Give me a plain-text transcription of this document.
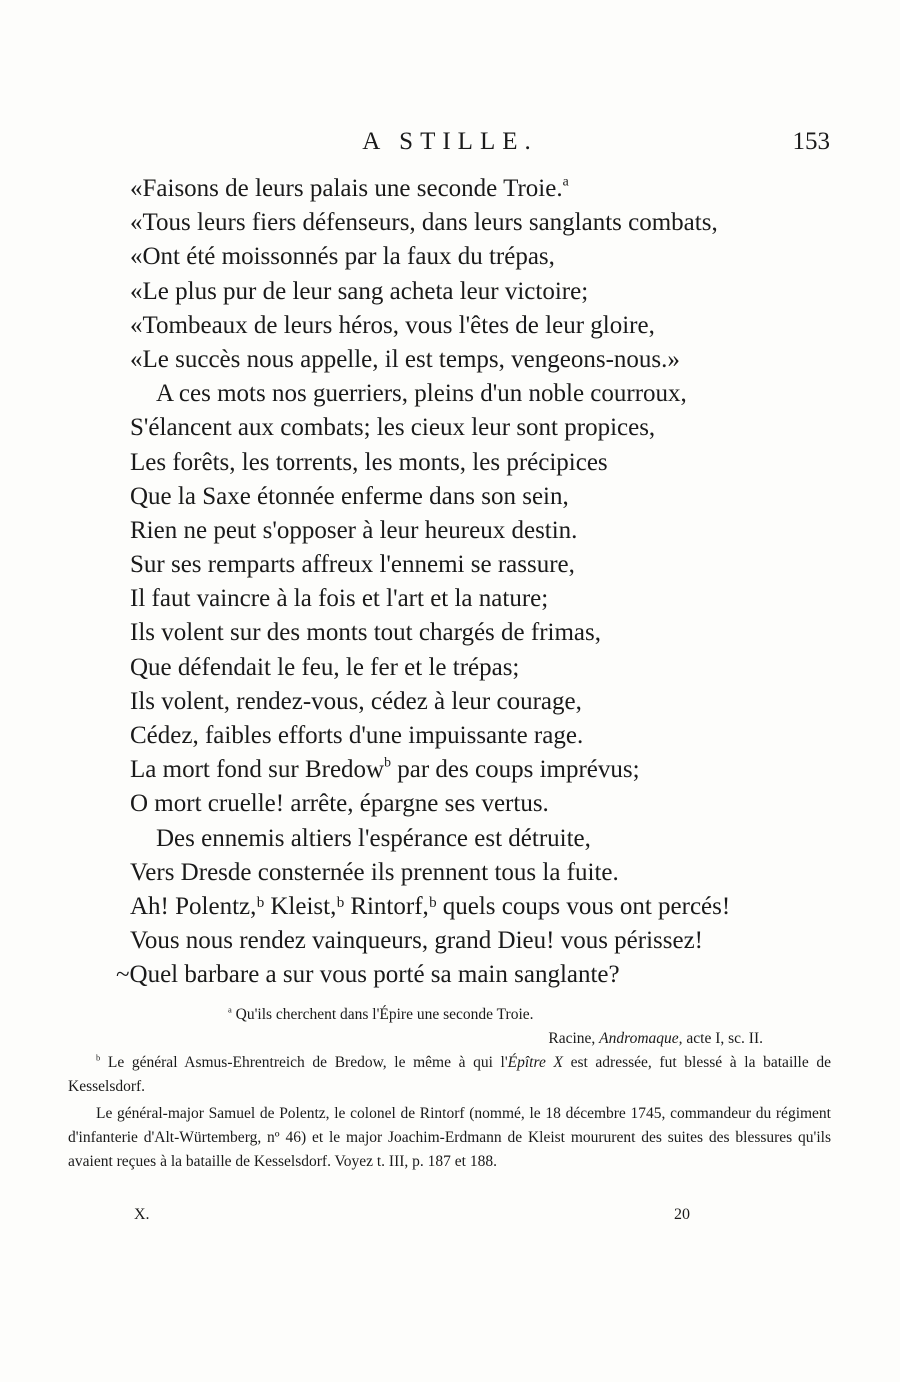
A STILLE.	153
«Faisons de leurs palais une seconde Troie.$^a$
«Tous leurs fiers défenseurs, dans leurs sanglants combats,
«Ont été moissonnés par la faux du trépas,
«Le plus pur de leur sang acheta leur victoire;
«Tombeaux de leurs héros, vous l'êtes de leur gloire,
«Le succès nous appelle, il est temps, vengeons-nous.»
A ces mots nos guerriers, pleins d'un noble courroux,
S'élancent aux combats; les cieux leur sont propices,
Les forêts, les torrents, les monts, les précipices
Que la Saxe étonnée enferme dans son sein,
Rien ne peut s'opposer à leur heureux destin.
Sur ses remparts affreux l'ennemi se rassure,
Il faut vaincre à la fois et l'art et la nature;
Ils volent sur des monts tout chargés de frimas,
Que défendait le feu, le fer et le trépas;
Ils volent, rendez-vous, cédez à leur courage,
Cédez, faibles efforts d'une impuissante rage.
La mort fond sur Bredow$^b$ par des coups imprévus;
O mort cruelle! arrête, épargne ses vertus.
Des ennemis altiers l'espérance est détruite,
Vers Dresde consternée ils prennent tous la fuite.
Ah! Polentz,ᵇ Kleist,ᵇ Rintorf,ᵇ quels coups vous ont percés!
Vous nous rendez vainqueurs, grand Dieu! vous périssez!
~Quel barbare a sur vous porté sa main sanglante?
$^a$ Qu'ils cherchent dans l'Épire une seconde Troie.
Racine, Andromaque, acte I, sc. II.
$^b$ Le général Asmus-Ehrentreich de Bredow, le même à qui l'Épître X est adressée, fut blessé à la bataille de Kesselsdorf.
Le général-major Samuel de Polentz, le colonel de Rintorf (nommé, le 18 décembre 1745, commandeur du régiment d'infanterie d'Alt-Würtemberg, nº 46) et le major Joachim-Erdmann de Kleist moururent des suites des blessures qu'ils avaient reçues à la bataille de Kesselsdorf. Voyez t. III, p. 187 et 188.
X.	20
